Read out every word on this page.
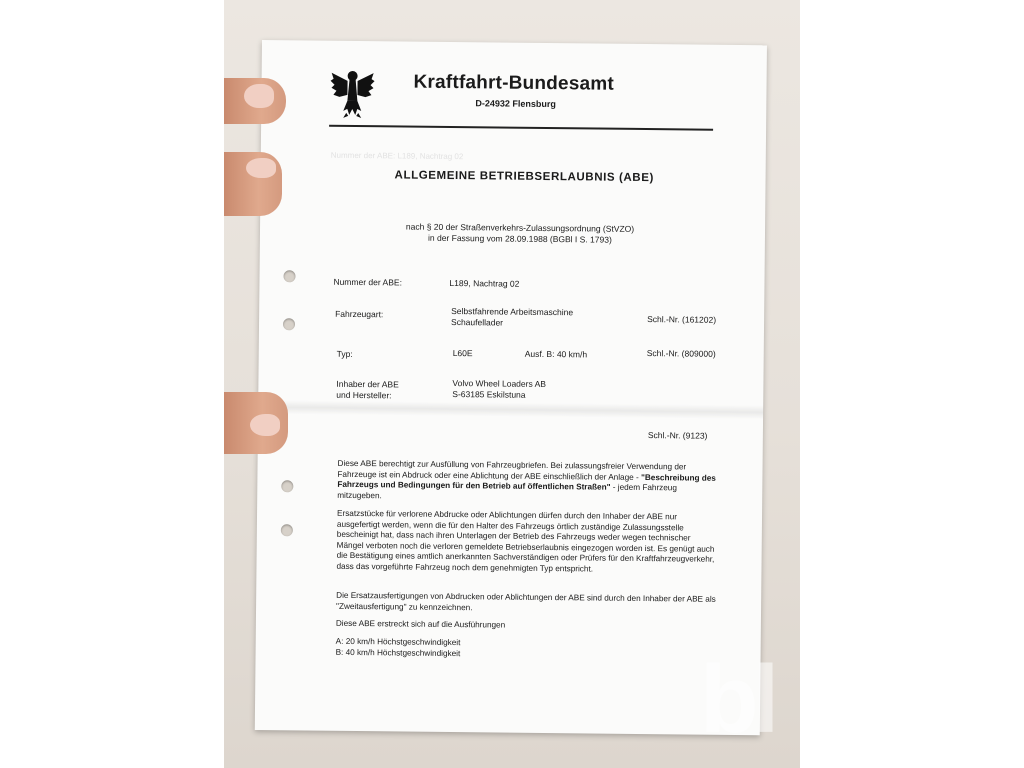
Kraftfahrt-Bundesamt
D-24932 Flensburg
Nummer der ABE: L189, Nachtrag 02
ALLGEMEINE BETRIEBSERLAUBNIS (ABE)
nach § 20 der Straßenverkehrs-Zulassungsordnung (StVZO)
in der Fassung vom 28.09.1988 (BGBl I S. 1793)
Nummer der ABE:	L189, Nachtrag 02
Fahrzeugart:	Selbstfahrende Arbeitsmaschine
Schaufellader	Schl.-Nr. (161202)
Typ:	L60E	Ausf. B: 40 km/h	Schl.-Nr. (809000)
Inhaber der ABE
und Hersteller:
Volvo Wheel Loaders AB
S-63185 Eskilstuna
Schl.-Nr. (9123)
Diese ABE berechtigt zur Ausfüllung von Fahrzeugbriefen. Bei zulassungsfreier Verwendung der Fahrzeuge ist ein Abdruck oder eine Ablichtung der ABE einschließlich der Anlage - "Beschreibung des Fahrzeugs und Bedingungen für den Betrieb auf öffentlichen Straßen" - jedem Fahrzeug mitzugeben.
Ersatzstücke für verlorene Abdrucke oder Ablichtungen dürfen durch den Inhaber der ABE nur ausgefertigt werden, wenn die für den Halter des Fahrzeugs örtlich zuständige Zulassungsstelle bescheinigt hat, dass nach ihren Unterlagen der Betrieb des Fahrzeugs weder wegen technischer Mängel verboten noch die verloren gemeldete Betriebserlaubnis eingezogen worden ist. Es genügt auch die Bestätigung eines amtlich anerkannten Sachverständigen oder Prüfers für den Kraftfahrzeugverkehr, dass das vorgeführte Fahrzeug noch dem genehmigten Typ entspricht.
Die Ersatzausfertigungen von Abdrucken oder Ablichtungen der ABE sind durch den Inhaber der ABE als "Zweitausfertigung" zu kennzeichnen.
Diese ABE erstreckt sich auf die Ausführungen
A: 20 km/h Höchstgeschwindigkeit
B: 40 km/h Höchstgeschwindigkeit	bl
